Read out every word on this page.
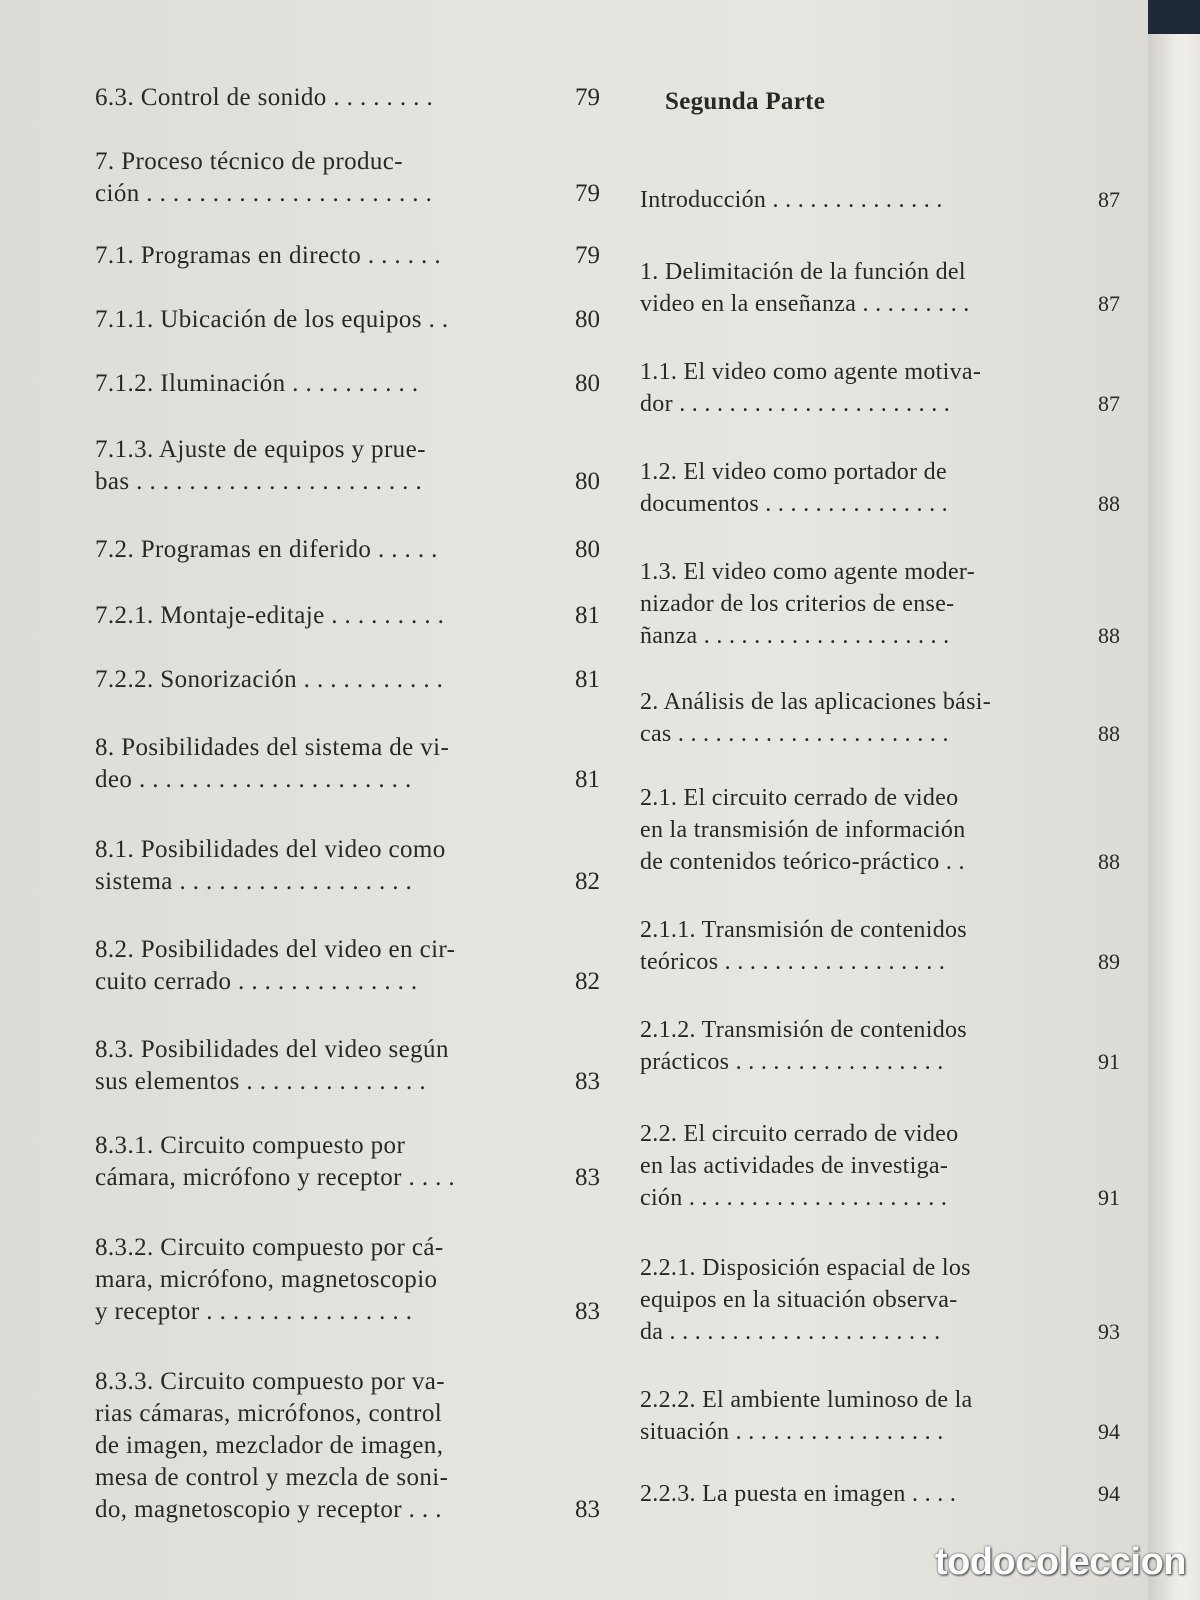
6.3. Control de sonido . . . . . . . .	79
7. Proceso técnico de produc-
ción . . . . . . . . . . . . . . . . . . . . . .	79
7.1. Programas en directo . . . . . .	79
7.1.1. Ubicación de los equipos . .	80
7.1.2. Iluminación . . . . . . . . . .	80
7.1.3. Ajuste de equipos y prue-
bas . . . . . . . . . . . . . . . . . . . . . .	80
7.2. Programas en diferido . . . . .	80
7.2.1. Montaje-editaje . . . . . . . . .	81
7.2.2. Sonorización . . . . . . . . . . .	81
8. Posibilidades del sistema de vi-
deo . . . . . . . . . . . . . . . . . . . . .	81
8.1. Posibilidades del video como
sistema . . . . . . . . . . . . . . . . . .	82
8.2. Posibilidades del video en cir-
cuito cerrado . . . . . . . . . . . . . .	82
8.3. Posibilidades del video según
sus elementos . . . . . . . . . . . . . .	83
8.3.1. Circuito compuesto por
cámara, micrófono y receptor . . . .	83
8.3.2. Circuito compuesto por cá-
mara, micrófono, magnetoscopio
y receptor . . . . . . . . . . . . . . . .	83
8.3.3. Circuito compuesto por va-
rias cámaras, micrófonos, control
de imagen, mezclador de imagen,
mesa de control y mezcla de soni-
do, magnetoscopio y receptor . . .	83
Segunda Parte
Introducción . . . . . . . . . . . . . .	87
1. Delimitación de la función del
video en la enseñanza . . . . . . . . .	87
1.1. El video como agente motiva-
dor . . . . . . . . . . . . . . . . . . . . . .	87
1.2. El video como portador de
documentos . . . . . . . . . . . . . . .	88
1.3. El video como agente moder-
nizador de los criterios de ense-
ñanza . . . . . . . . . . . . . . . . . . . .	88
2. Análisis de las aplicaciones bási-
cas . . . . . . . . . . . . . . . . . . . . . .	88
2.1. El circuito cerrado de video
en la transmisión de información
de contenidos teórico-práctico . .	88
2.1.1. Transmisión de contenidos
teóricos . . . . . . . . . . . . . . . . . .	89
2.1.2. Transmisión de contenidos
prácticos . . . . . . . . . . . . . . . . .	91
2.2. El circuito cerrado de video
en las actividades de investiga-
ción . . . . . . . . . . . . . . . . . . . . .	91
2.2.1. Disposición espacial de los
equipos en la situación observa-
da . . . . . . . . . . . . . . . . . . . . . .	93
2.2.2. El ambiente luminoso de la
situación . . . . . . . . . . . . . . . . .	94
2.2.3. La puesta en imagen . . . .	94
todocoleccion
